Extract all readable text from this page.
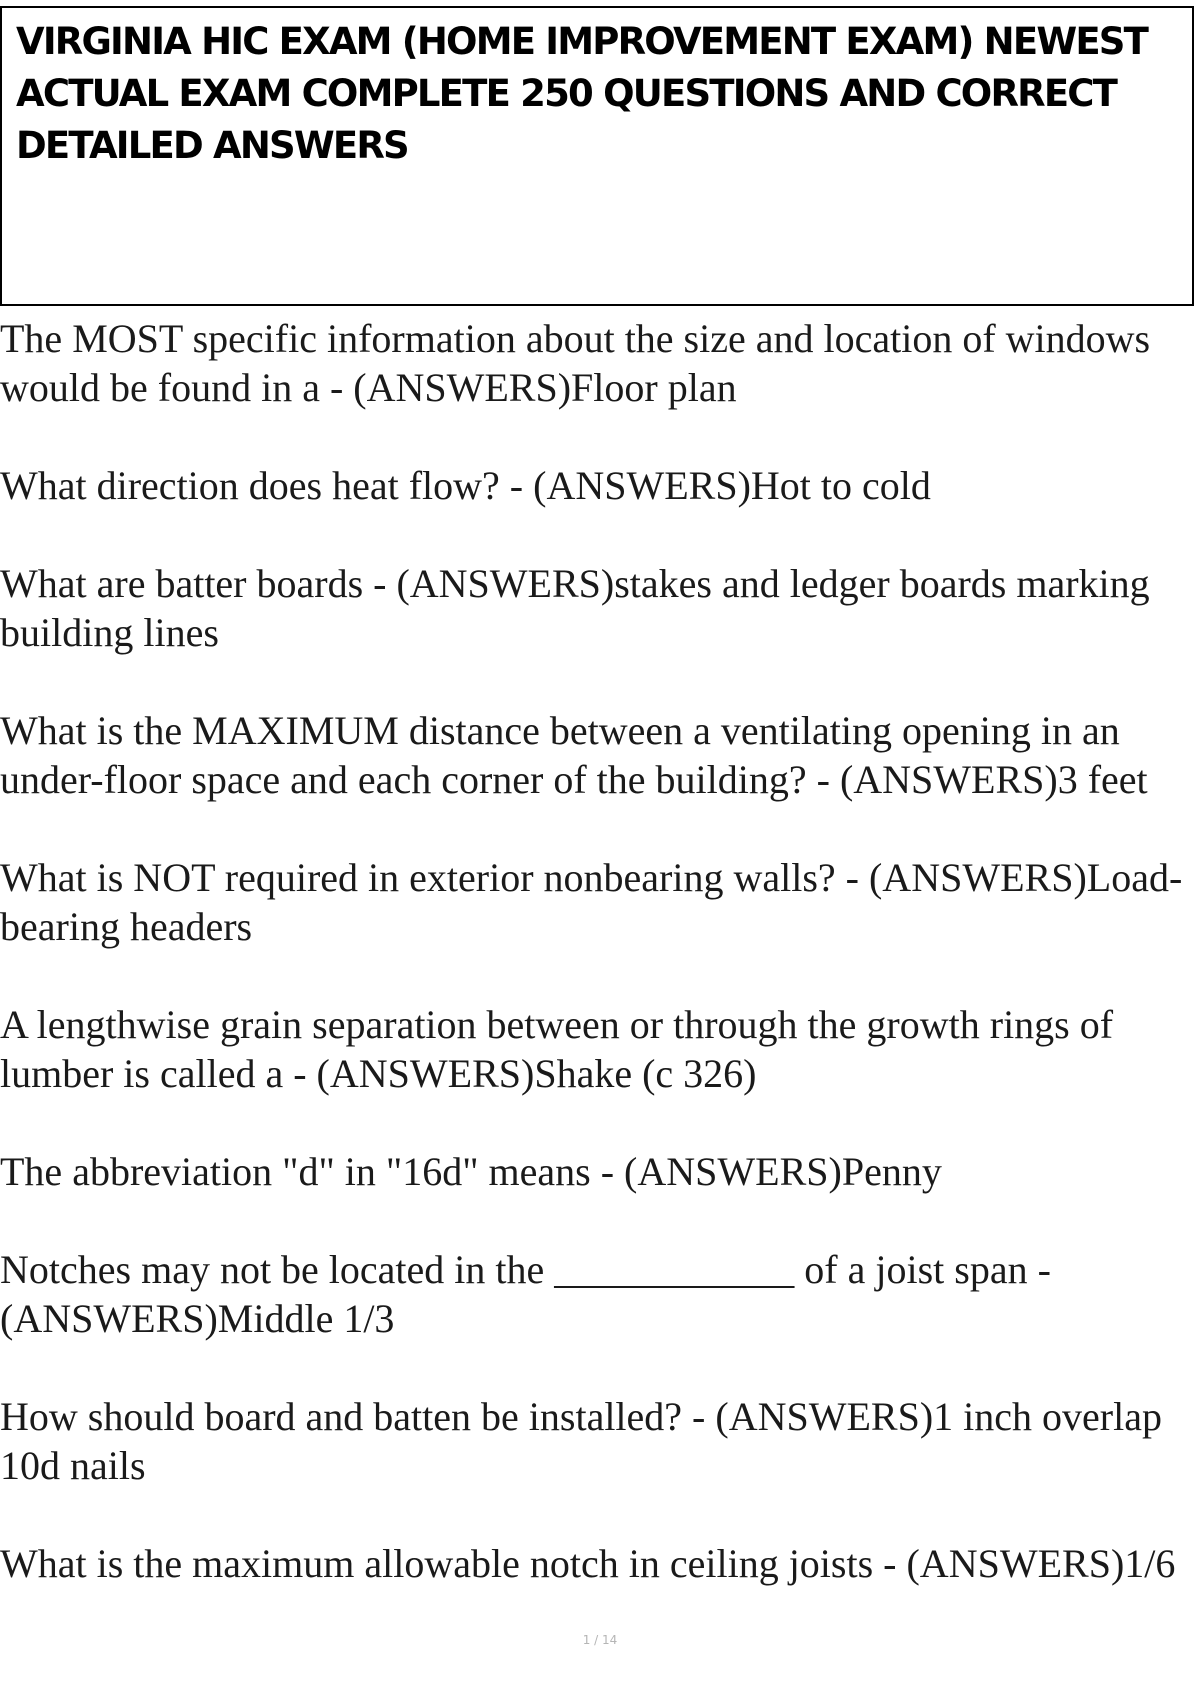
VIRGINIA HIC EXAM (HOME IMPROVEMENT EXAM) NEWEST ACTUAL EXAM COMPLETE 250 QUESTIONS AND CORRECT DETAILED ANSWERS

The MOST specific information about the size and location of windows would be found in a - (ANSWERS)Floor plan
What direction does heat flow? - (ANSWERS)Hot to cold
What are batter boards - (ANSWERS)stakes and ledger boards marking building lines
What is the MAXIMUM distance between a ventilating opening in an under-floor space and each corner of the building? - (ANSWERS)3 feet
What is NOT required in exterior nonbearing walls? - (ANSWERS)Load-bearing headers
A lengthwise grain separation between or through the growth rings of lumber is called a - (ANSWERS)Shake (c 326)
The abbreviation "d" in "16d" means - (ANSWERS)Penny
Notches may not be located in the ____________ of a joist span - (ANSWERS)Middle 1/3
How should board and batten be installed? - (ANSWERS)1 inch overlap 10d nails
What is the maximum allowable notch in ceiling joists - (ANSWERS)1/6
1 / 14
